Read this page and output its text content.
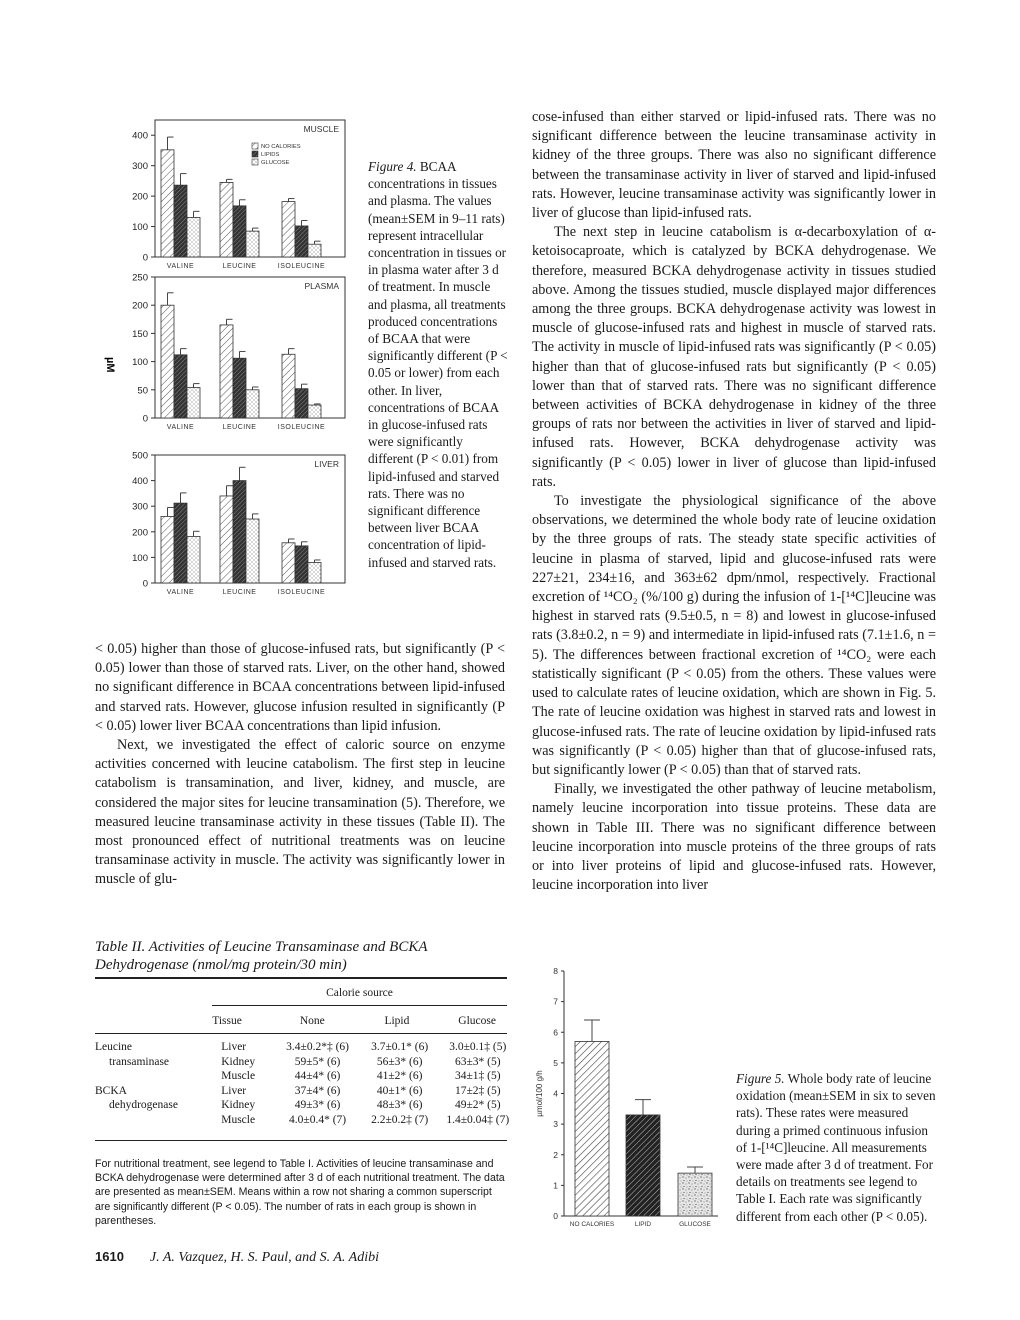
MUSCLE
0
100
200
300
400
VALINE	LEUCINE	ISOLEUCINE
NO CALORIES
LIPIDS
GLUCOSE
PLASMA
0
50
100
150
200
250
VALINE	LEUCINE	ISOLEUCINE
LIVER
0
100
200
300
400
500
VALINE	LEUCINE	ISOLEUCINE
µM
Figure 4. BCAA concentrations in tissues and plasma. The values (mean±SEM in 9–11 rats) represent intracellular concentration in tissues or in plasma water after 3 d of treatment. In muscle and plasma, all treatments produced concentrations of BCAA that were significantly different (P < 0.05 or lower) from each other. In liver, concentrations of BCAA in glucose-infused rats were significantly different (P < 0.01) from lipid-infused and starved rats. There was no significant difference between liver BCAA concentration of lipid-infused and starved rats.

< 0.05) higher than those of glucose-infused rats, but significantly (P < 0.05) lower than those of starved rats. Liver, on the other hand, showed no significant difference in BCAA concentrations between lipid-infused and starved rats. However, glucose infusion resulted in significantly (P < 0.05) lower liver BCAA concentrations than lipid infusion.

Next, we investigated the effect of caloric source on enzyme activities concerned with leucine catabolism. The first step in leucine catabolism is transamination, and liver, kidney, and muscle, are considered the major sites for leucine transamination (5). Therefore, we measured leucine transaminase activity in these tissues (Table II). The most pronounced effect of nutritional treatments was on leucine transaminase activity in muscle. The activity was significantly lower in muscle of glu-

cose-infused than either starved or lipid-infused rats. There was no significant difference between the leucine transaminase activity in kidney of the three groups. There was also no significant difference between the transaminase activity in liver of starved and lipid-infused rats. However, leucine transaminase activity was significantly lower in liver of glucose than lipid-infused rats.

The next step in leucine catabolism is α-decarboxylation of α-ketoisocaproate, which is catalyzed by BCKA dehydrogenase. We therefore, measured BCKA dehydrogenase activity in tissues studied above. Among the tissues studied, muscle displayed major differences among the three groups. BCKA dehydrogenase activity was lowest in muscle of glucose-infused rats and highest in muscle of starved rats. The activity in muscle of lipid-infused rats was significantly (P < 0.05) higher than that of glucose-infused rats but significantly (P < 0.05) lower than that of starved rats. There was no significant difference between activities of BCKA dehydrogenase in kidney of the three groups of rats nor between the activities in liver of starved and lipid-infused rats. However, BCKA dehydrogenase activity was significantly (P < 0.05) lower in liver of glucose than lipid-infused rats.

To investigate the physiological significance of the above observations, we determined the whole body rate of leucine oxidation by the three groups of rats. The steady state specific activities of leucine in plasma of starved, lipid and glucose-infused rats were 227±21, 234±16, and 363±62 dpm/nmol, respectively. Fractional excretion of ¹⁴CO₂ (%/100 g) during the infusion of 1-[¹⁴C]leucine was highest in starved rats (9.5±0.5, n = 8) and lowest in glucose-infused rats (3.8±0.2, n = 9) and intermediate in lipid-infused rats (7.1±1.6, n = 5). The differences between fractional excretion of ¹⁴CO₂ were each statistically significant (P < 0.05) from the others. These values were used to calculate rates of leucine oxidation, which are shown in Fig. 5. The rate of leucine oxidation was highest in starved rats and lowest in glucose-infused rats. The rate of leucine oxidation by lipid-infused rats was significantly (P < 0.05) higher than that of glucose-infused rats, but significantly lower (P < 0.05) than that of starved rats.

Finally, we investigated the other pathway of leucine metabolism, namely leucine incorporation into tissue proteins. These data are shown in Table III. There was no significant difference between leucine incorporation into muscle proteins of the three groups of rats or into liver proteins of lipid and glucose-infused rats. However, leucine incorporation into liver

Table II. Activities of Leucine Transaminase and BCKA
Dehydrogenase (nmol/mg protein/30 min)
Calorie source
	Tissue	None	Lipid	Glucose
Leucine	Liver	3.4±0.2*‡ (6)	3.7±0.1* (6)	3.0±0.1‡ (5)
transaminase	Kidney	59±5* (6)	56±3* (6)	63±3* (5)
	Muscle	44±4* (6)	41±2* (6)	34±1‡ (5)
BCKA	Liver	37±4* (6)	40±1* (6)	17±2‡ (5)
dehydrogenase	Kidney	49±3* (6)	48±3* (6)	49±2* (5)
	Muscle	4.0±0.4* (7)	2.2±0.2‡ (7)	1.4±0.04‡ (7)
For nutritional treatment, see legend to Table I. Activities of leucine transaminase and BCKA dehydrogenase were determined after 3 d of each nutritional treatment. The data are presented as mean±SEM. Means within a row not sharing a common superscript are significantly different (P < 0.05). The number of rats in each group is shown in parentheses.	0
1
2
3
4
5
6
7
8
µmol/100 g/h
NO CALORIES	LIPID	GLUCOSE
Figure 5. Whole body rate of leucine oxidation (mean±SEM in six to seven rats). These rates were measured during a primed continuous infusion of 1-[¹⁴C]leucine. All measurements were made after 3 d of treatment. For details on treatments see legend to Table I. Each rate was significantly different from each other (P < 0.05).
1610 J. A. Vazquez, H. S. Paul, and S. A. Adibi
